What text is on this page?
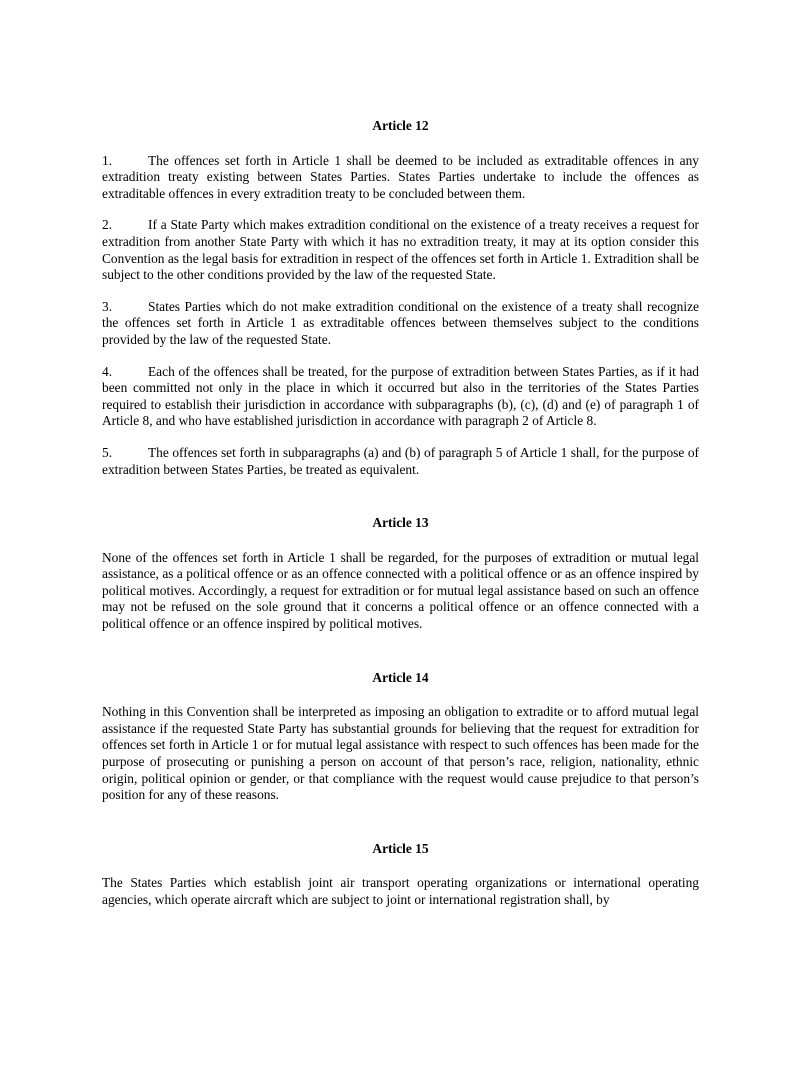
Article 12

1.	The offences set forth in Article 1 shall be deemed to be included as extraditable offences in any extradition treaty existing between States Parties. States Parties undertake to include the offences as extraditable offences in every extradition treaty to be concluded between them.

2.	If a State Party which makes extradition conditional on the existence of a treaty receives a request for extradition from another State Party with which it has no extradition treaty, it may at its option consider this Convention as the legal basis for extradition in respect of the offences set forth in Article 1. Extradition shall be subject to the other conditions provided by the law of the requested State.

3.	States Parties which do not make extradition conditional on the existence of a treaty shall recognize the offences set forth in Article 1 as extraditable offences between themselves subject to the conditions provided by the law of the requested State.

4.	Each of the offences shall be treated, for the purpose of extradition between States Parties, as if it had been committed not only in the place in which it occurred but also in the territories of the States Parties required to establish their jurisdiction in accordance with subparagraphs (b), (c), (d) and (e) of paragraph 1 of Article 8, and who have established jurisdiction in accordance with paragraph 2 of Article 8.

5.	The offences set forth in subparagraphs (a) and (b) of paragraph 5 of Article 1 shall, for the purpose of extradition between States Parties, be treated as equivalent.

Article 13

None of the offences set forth in Article 1 shall be regarded, for the purposes of extradition or mutual legal assistance, as a political offence or as an offence connected with a political offence or as an offence inspired by political motives. Accordingly, a request for extradition or for mutual legal assistance based on such an offence may not be refused on the sole ground that it concerns a political offence or an offence connected with a political offence or an offence inspired by political motives.

Article 14

Nothing in this Convention shall be interpreted as imposing an obligation to extradite or to afford mutual legal assistance if the requested State Party has substantial grounds for believing that the request for extradition for offences set forth in Article 1 or for mutual legal assistance with respect to such offences has been made for the purpose of prosecuting or punishing a person on account of that person’s race, religion, nationality, ethnic origin, political opinion or gender, or that compliance with the request would cause prejudice to that person’s position for any of these reasons.

Article 15

The States Parties which establish joint air transport operating organizations or international operating agencies, which operate aircraft which are subject to joint or international registration shall, by
